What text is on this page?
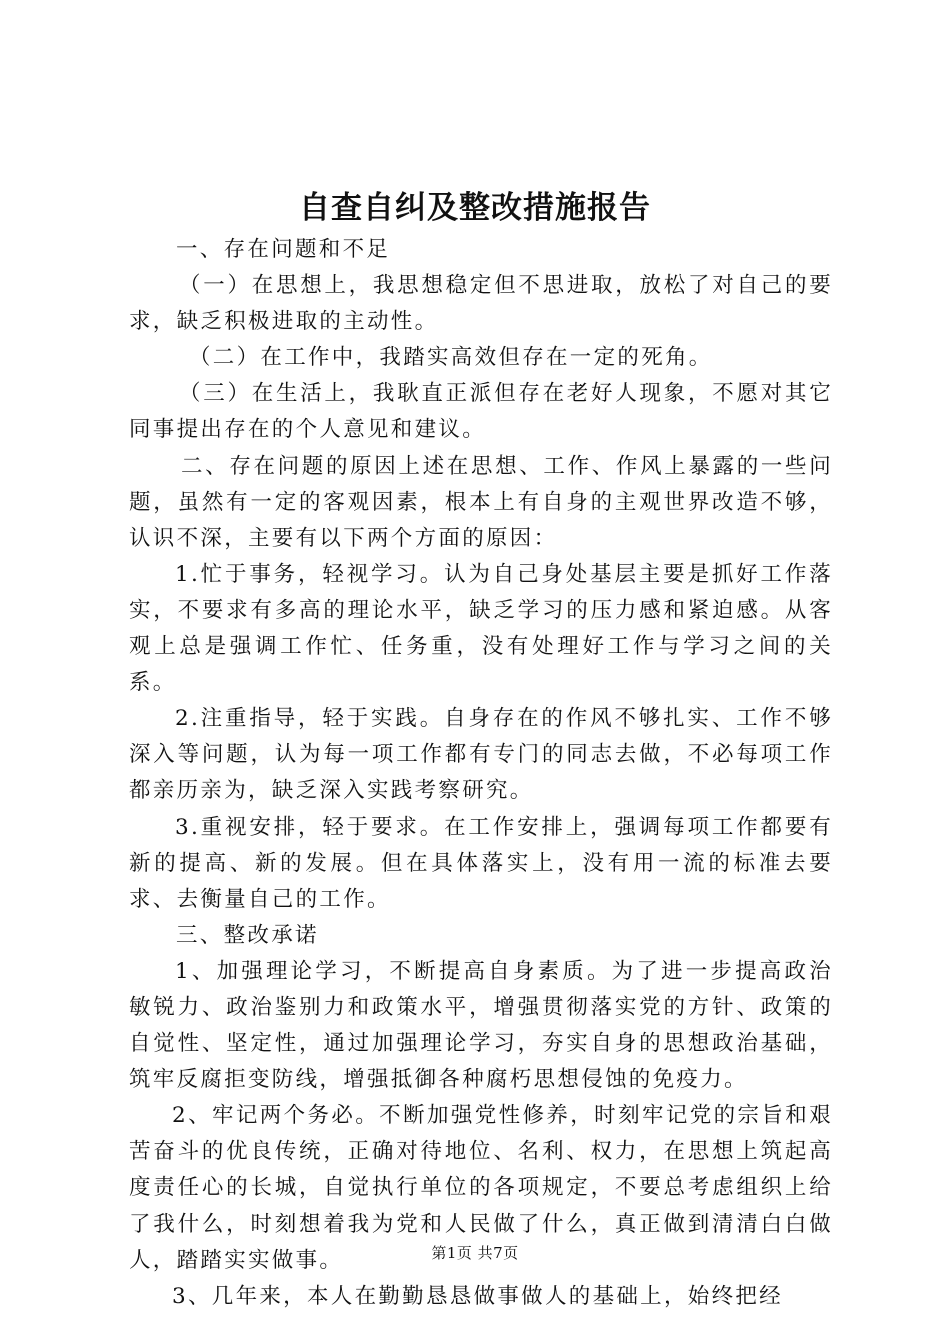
自查自纠及整改措施报告

一、存在问题和不足

（一）在思想上，我思想稳定但不思进取，放松了对自己的要求，缺乏积极进取的主动性。

（二）在工作中，我踏实高效但存在一定的死角。

（三）在生活上，我耿直正派但存在老好人现象，不愿对其它同事提出存在的个人意见和建议。

二、存在问题的原因上述在思想、工作、作风上暴露的一些问题，虽然有一定的客观因素，根本上有自身的主观世界改造不够，认识不深，主要有以下两个方面的原因：

1.忙于事务，轻视学习。认为自己身处基层主要是抓好工作落实，不要求有多高的理论水平，缺乏学习的压力感和紧迫感。从客观上总是强调工作忙、任务重，没有处理好工作与学习之间的关系。

2.注重指导，轻于实践。自身存在的作风不够扎实、工作不够深入等问题，认为每一项工作都有专门的同志去做，不必每项工作都亲历亲为，缺乏深入实践考察研究。

3.重视安排，轻于要求。在工作安排上，强调每项工作都要有新的提高、新的发展。但在具体落实上，没有用一流的标准去要求、去衡量自己的工作。

三、整改承诺

1、加强理论学习，不断提高自身素质。为了进一步提高政治敏锐力、政治鉴别力和政策水平，增强贯彻落实党的方针、政策的自觉性、坚定性，通过加强理论学习，夯实自身的思想政治基础，筑牢反腐拒变防线，增强抵御各种腐朽思想侵蚀的免疫力。

2、牢记两个务必。不断加强党性修养，时刻牢记党的宗旨和艰苦奋斗的优良传统，正确对待地位、名利、权力，在思想上筑起高度责任心的长城，自觉执行单位的各项规定，不要总考虑组织上给了我什么，时刻想着我为党和人民做了什么，真正做到清清白白做人，踏踏实实做事。

3、几年来，本人在勤勤恳恳做事做人的基础上，始终把经

第1页 共7页
